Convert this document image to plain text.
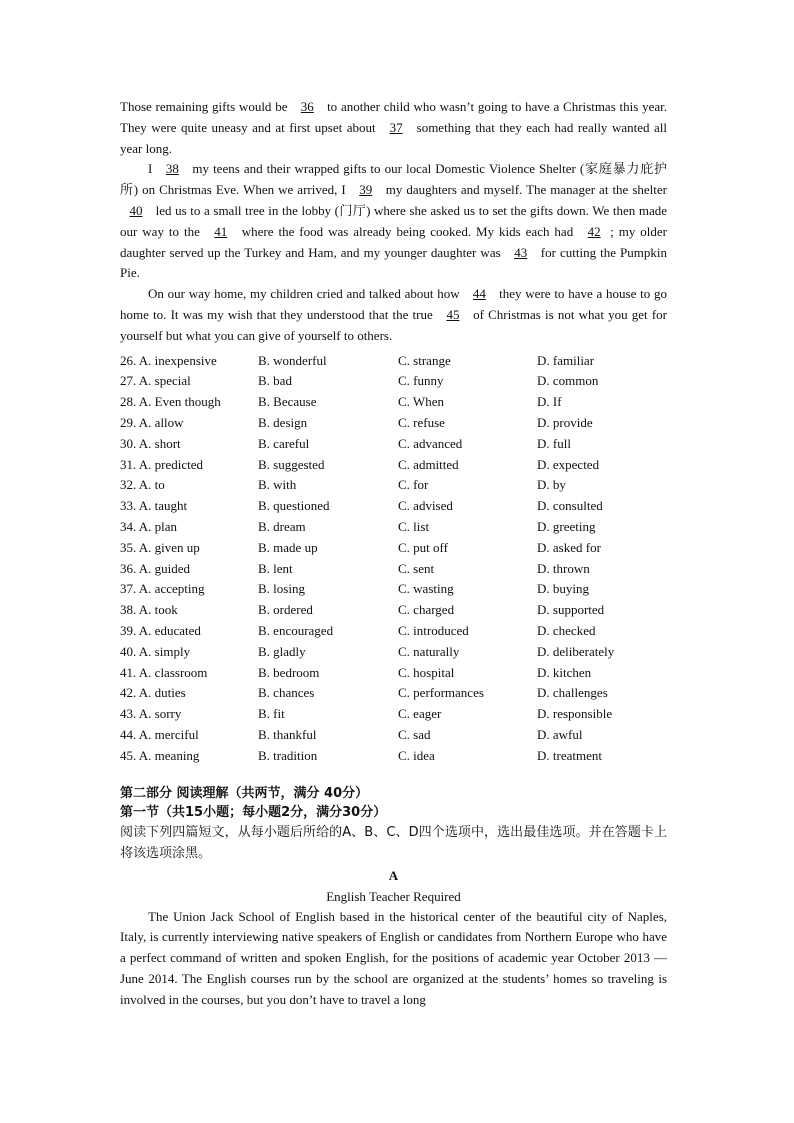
Those remaining gifts would be 36 to another child who wasn’t going to have a Christmas this year. They were quite uneasy and at first upset about 37 something that they each had really wanted all year long.

I 38 my teens and their wrapped gifts to our local Domestic Violence Shelter (家庭暴力庇护所) on Christmas Eve. When we arrived, I 39 my daughters and myself. The manager at the shelter 40 led us to a small tree in the lobby (门厅) where she asked us to set the gifts down. We then made our way to the 41 where the food was already being cooked. My kids each had 42 ; my older daughter served up the Turkey and Ham, and my younger daughter was 43 for cutting the Pumpkin Pie.

On our way home, my children cried and talked about how 44 they were to have a house to go home to. It was my wish that they understood that the true 45 of Christmas is not what you get for yourself but what you can give of yourself to others.

26. A. inexpensive	B. wonderful	C. strange	D. familiar
27. A. special	B. bad	C. funny	D. common
28. A. Even though	B. Because	C. When	D. If
29. A. allow	B. design	C. refuse	D. provide
30. A. short	B. careful	C. advanced	D. full
31. A. predicted	B. suggested	C. admitted	D. expected
32. A. to	B. with	C. for	D. by
33. A. taught	B. questioned	C. advised	D. consulted
34. A. plan	B. dream	C. list	D. greeting
35. A. given up	B. made up	C. put off	D. asked for
36. A. guided	B. lent	C. sent	D. thrown
37. A. accepting	B. losing	C. wasting	D. buying
38. A. took	B. ordered	C. charged	D. supported
39. A. educated	B. encouraged	C. introduced	D. checked
40. A. simply	B. gladly	C. naturally	D. deliberately
41. A. classroom	B. bedroom	C. hospital	D. kitchen
42. A. duties	B. chances	C. performances	D. challenges
43. A. sorry	B. fit	C. eager	D. responsible
44. A. merciful	B. thankful	C. sad	D. awful
45. A. meaning	B. tradition	C. idea	D. treatment

第二部分 阅读理解（共两节，满分 40分）

第一节（共15小题；每小题2分，满分30分）

阅读下列四篇短文，从每小题后所给的A、B、C、D四个选项中，选出最佳选项。并在答题卡上将该选项涂黑。

A

English Teacher Required

The Union Jack School of English based in the historical center of the beautiful city of Naples, Italy, is currently interviewing native speakers of English or candidates from Northern Europe who have a perfect command of written and spoken English, for the positions of academic year October 2013 — June 2014. The English courses run by the school are organized at the students’ homes so traveling is involved in the courses, but you don’t have to travel a long
